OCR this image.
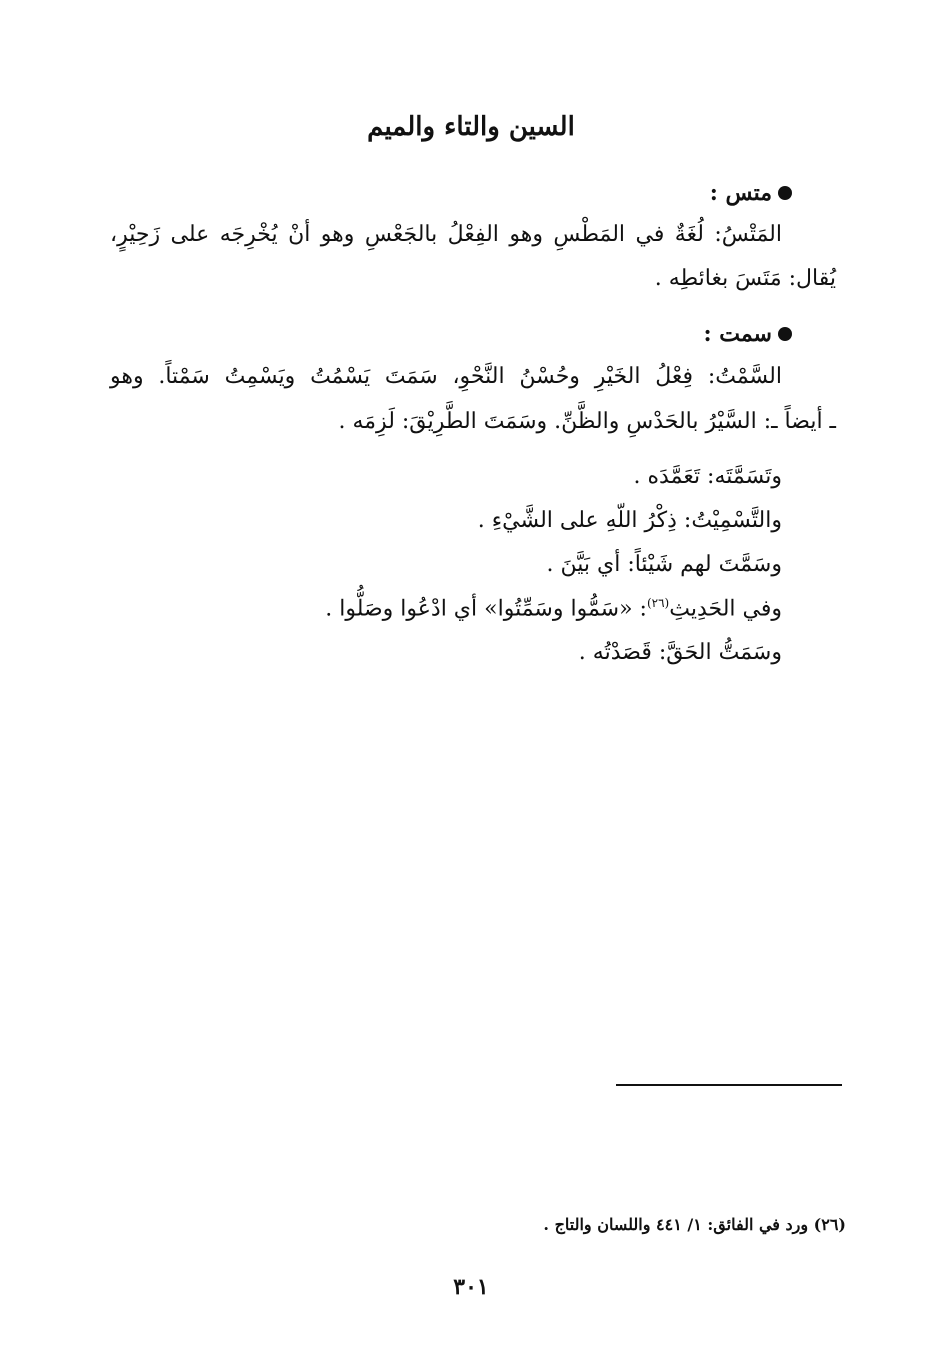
السين والتاء والميم
متس :
المَتْسُ: لُغَةٌ في المَطْسِ وهو الفِعْلُ بالجَعْسِ وهو أنْ يُخْرِجَه على زَحِيْرٍ،
يُقال: مَتَسَ بغائطِه .
سمت :
السَّمْتُ: فِعْلُ الخَيْرِ وحُسْنُ النَّحْوِ، سَمَتَ يَسْمُتُ ويَسْمِتُ سَمْتاً. وهو
ـ أيضاً ـ: السَّيْرُ بالحَدْسِ والظَّنِّ. وسَمَتَ الطَّرِيْقَ: لَزِمَه .
وتَسَمَّتَه: تَعَمَّدَه .
والتَّسْمِيْتُ: ذِكْرُ اللّهِ على الشَّيْءِ .
وسَمَّتَ لهم شَيْئاً: أي بَيَّنَ .
وفي الحَدِيثِ$^{(٢٦)}$: «سَمُّوا وسَمِّتُوا» أي ادْعُوا وصَلُّوا .
وسَمَتُّ الحَقَّ: قَصَدْتُه .
(٢٦) ورد في الفائق: ١/ ٤٤١ واللسان والتاج .
٣٠١
